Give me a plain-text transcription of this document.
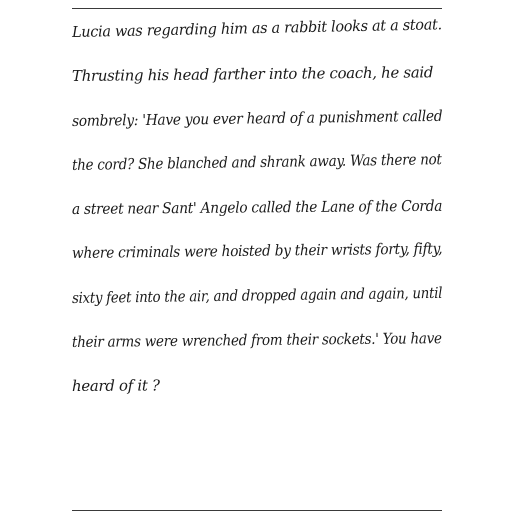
Lucia was regarding him as a rabbit looks at a stoat.
Thrusting his head farther into the coach, he said
sombrely: 'Have you ever heard of a punishment called
the cord? She blanched and shrank away. Was there not
a street near Sant' Angelo called the Lane of the Corda
where criminals were hoisted by their wrists forty, fifty,
sixty feet into the air, and dropped again and again, until
their arms were wrenched from their sockets.' You have
heard of it ?
